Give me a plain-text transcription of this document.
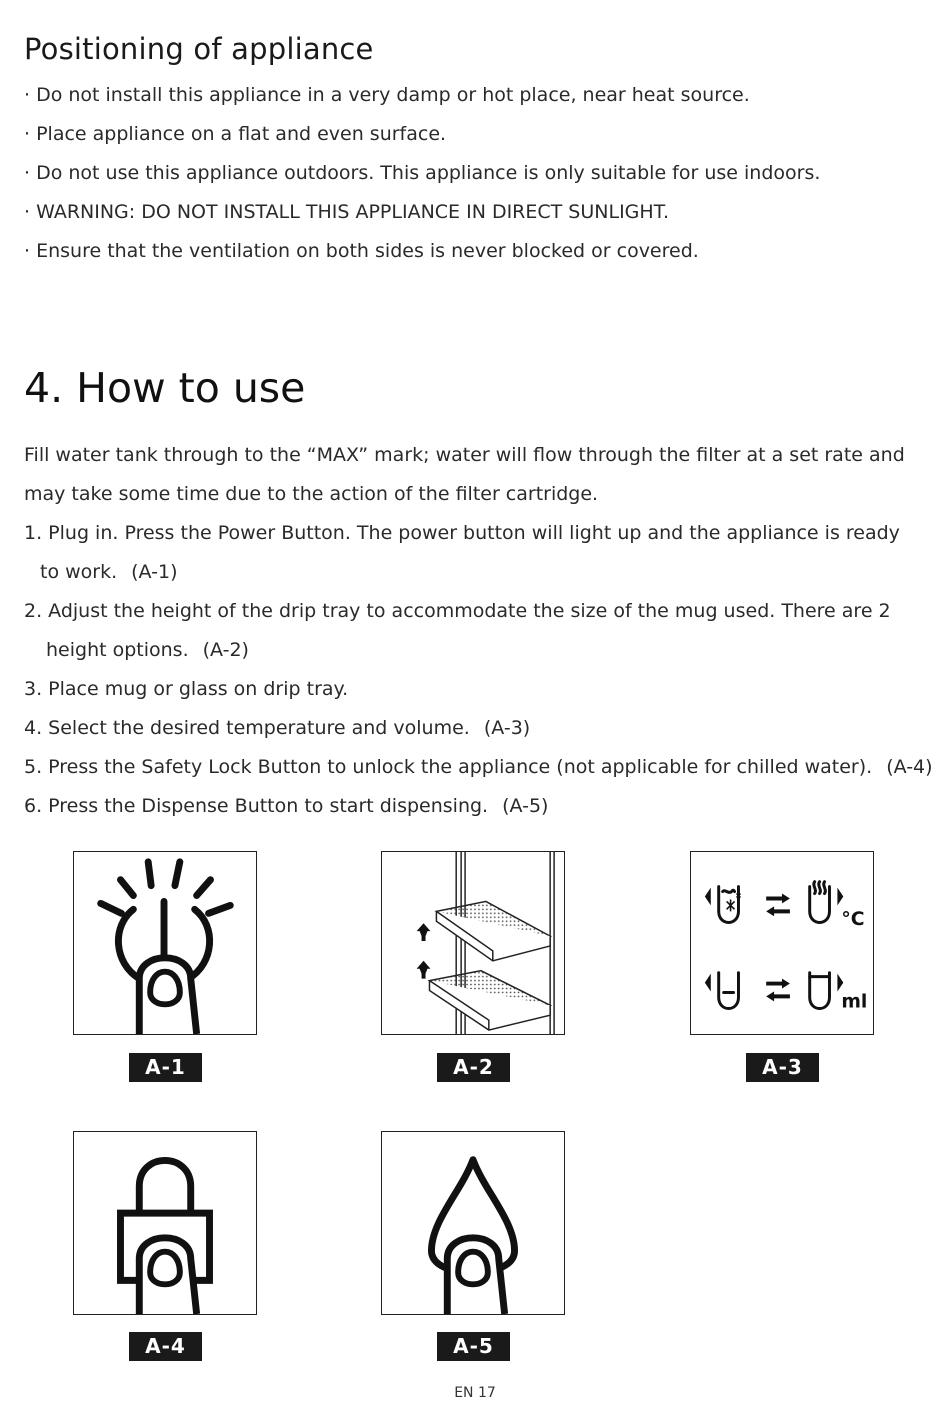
Positioning of appliance
· Do not install this appliance in a very damp or hot place, near heat source.
· Place appliance on a flat and even surface.
· Do not use this appliance outdoors. This appliance is only suitable for use indoors.
· WARNING: DO NOT INSTALL THIS APPLIANCE IN DIRECT SUNLIGHT.
· Ensure that the ventilation on both sides is never blocked or covered.
4. How to use

Fill water tank through to the “MAX” mark; water will flow through the filter at a set rate and

may take some time due to the action of the filter cartridge.

1. Plug in. Press the Power Button. The power button will light up and the appliance is ready
to work. (A-1)
2. Adjust the height of the drip tray to accommodate the size of the mug used. There are 2
height options. (A-2)
3. Place mug or glass on drip tray.
4. Select the desired temperature and volume. (A-3)
5. Press the Safety Lock Button to unlock the appliance (not applicable for chilled water). (A-4)
6. Press the Dispense Button to start dispensing. (A-5)
A-1	A-2
°C
ml
A-3
A-4	A-5
EN 17
